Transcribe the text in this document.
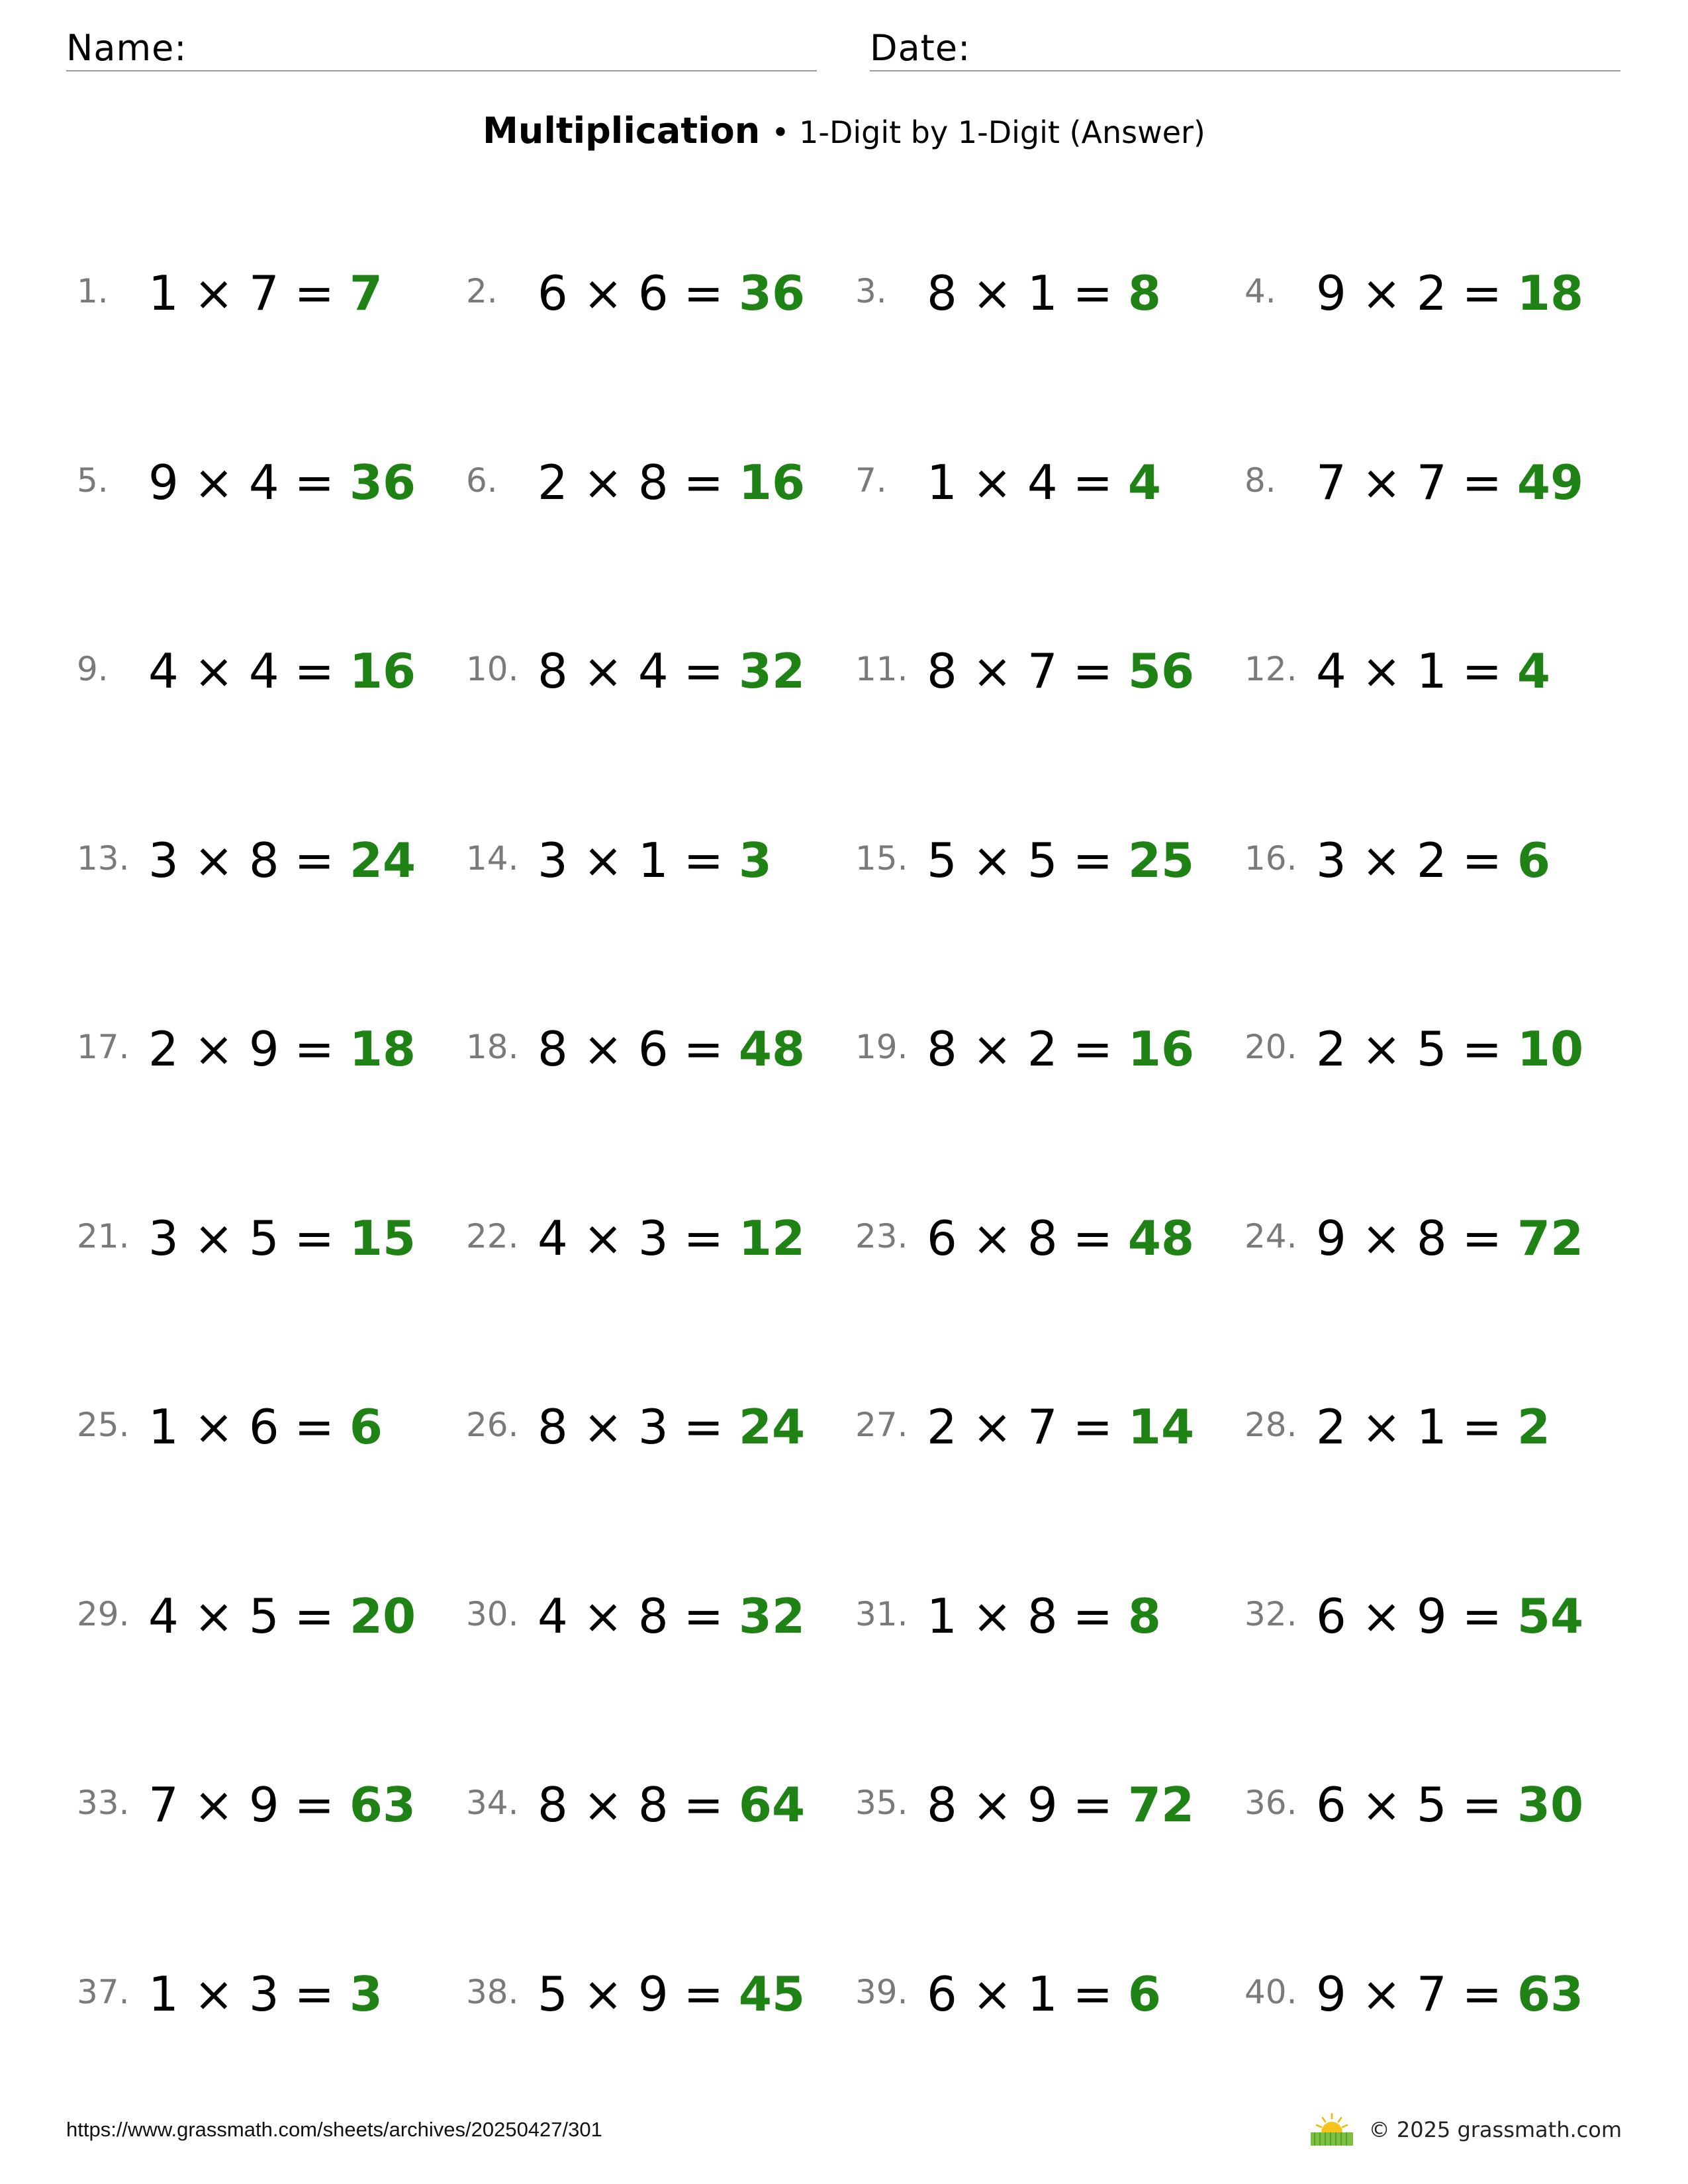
Name:	Date:
Multiplication • 1-Digit by 1-Digit (Answer)
1. 1 × 7 = 7	2. 6 × 6 = 36 3. 8 × 1 = 8	4. 9 × 2 = 18
5. 9 × 4 = 36 6. 2 × 8 = 16 7. 1 × 4 = 4	8. 7 × 7 = 49
9. 4 × 4 = 16 10. 8 × 4 = 32 11. 8 × 7 = 56 12. 4 × 1 = 4
13. 3 × 8 = 24 14. 3 × 1 = 3	15. 5 × 5 = 25 16. 3 × 2 = 6
17. 2 × 9 = 18 18. 8 × 6 = 48 19. 8 × 2 = 16 20. 2 × 5 = 10
21. 3 × 5 = 15 22. 4 × 3 = 12 23. 6 × 8 = 48 24. 9 × 8 = 72
25. 1 × 6 = 6	26. 8 × 3 = 24 27. 2 × 7 = 14 28. 2 × 1 = 2
29. 4 × 5 = 20 30. 4 × 8 = 32 31. 1 × 8 = 8	32. 6 × 9 = 54
33. 7 × 9 = 63 34. 8 × 8 = 64 35. 8 × 9 = 72 36. 6 × 5 = 30
37. 1 × 3 = 3	38. 5 × 9 = 45 39. 6 × 1 = 6	40. 9 × 7 = 63
https://www.grassmath.com/sheets/archives/20250427/301	© 2025 grassmath.com
